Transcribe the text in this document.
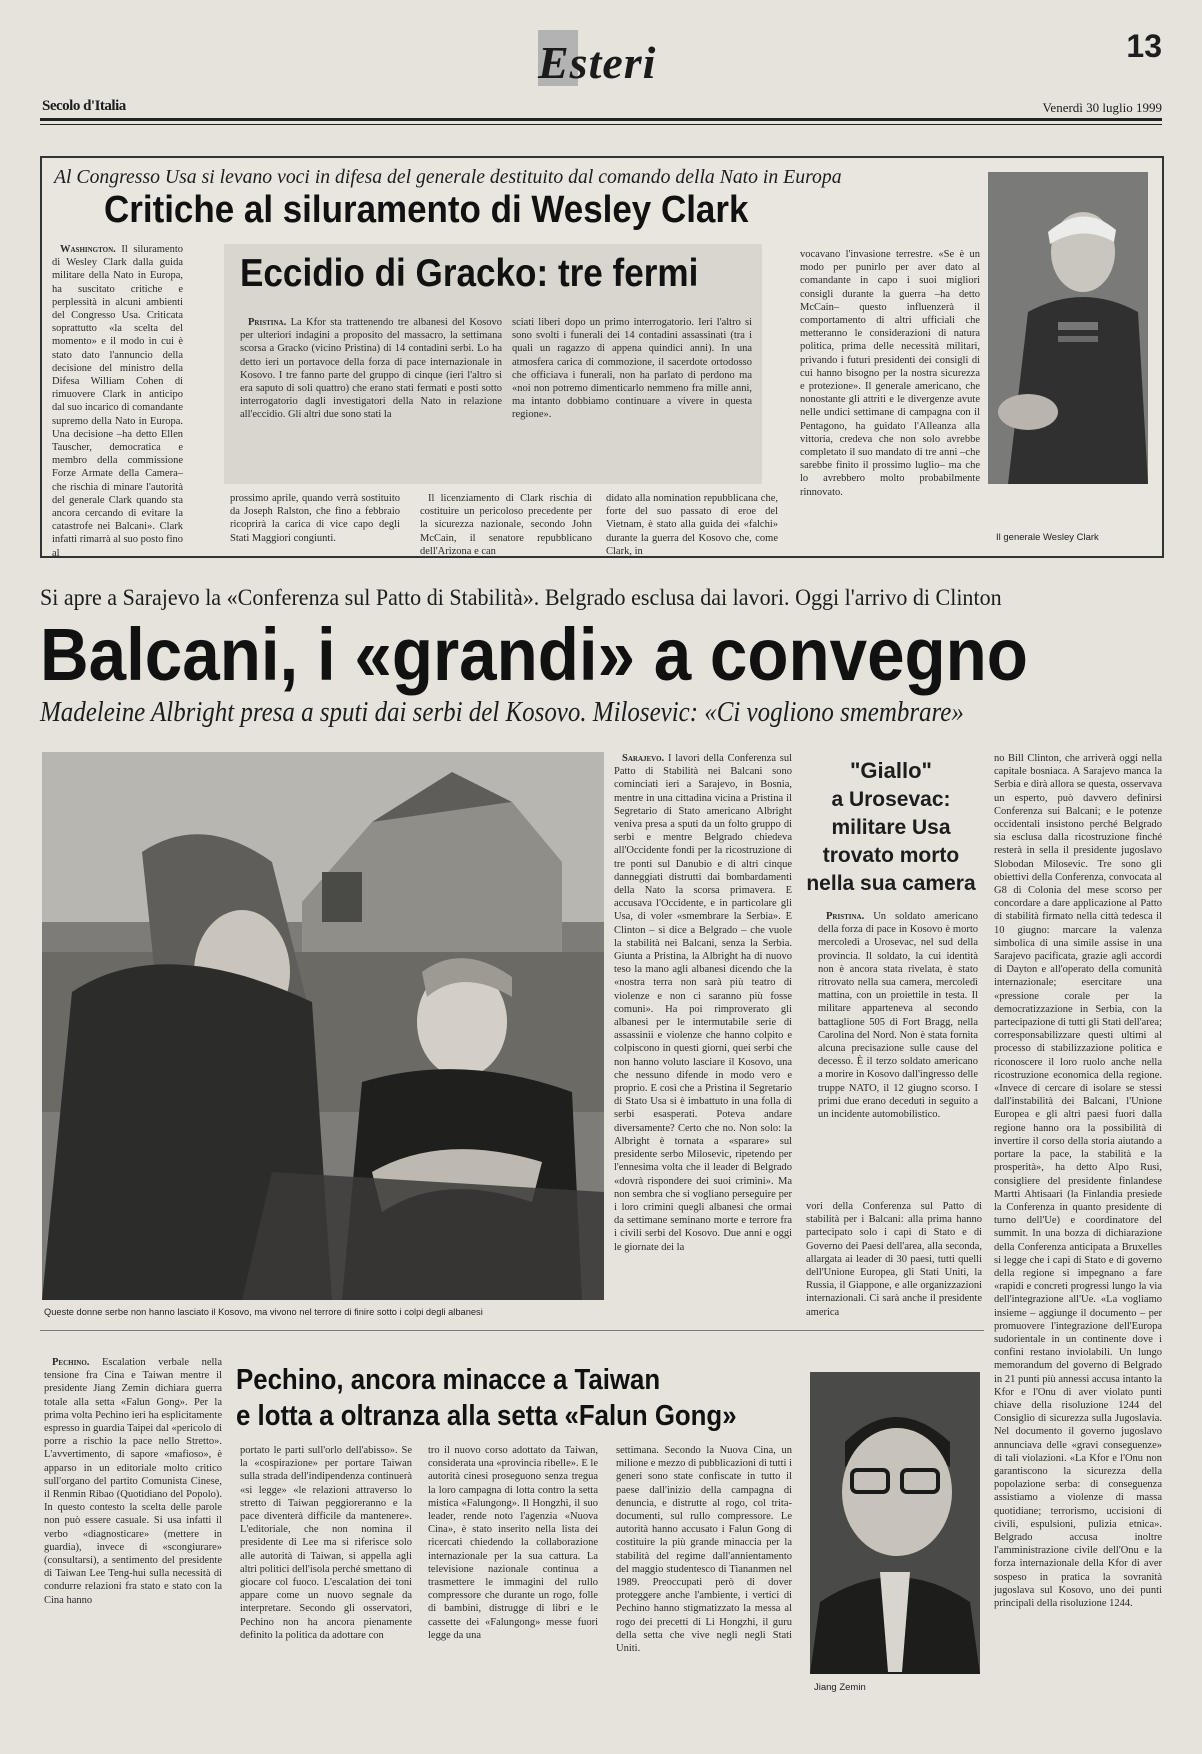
Esteri	13
Secolo d'Italia	Venerdì 30 luglio 1999
Al Congresso Usa si levano voci in difesa del generale destituito dal comando della Nato in Europa
Critiche al siluramento di Wesley Clark

Washington. Il siluramento di Wesley Clark dalla guida militare della Nato in Europa, ha suscitato critiche e perplessità in alcuni ambienti del Congresso Usa. Criticata soprattutto «la scelta del momento» e il modo in cui è stato dato l'annuncio della decisione del ministro della Difesa William Cohen di rimuovere Clark in anticipo dal suo incarico di comandante supremo della Nato in Europa. Una decisione –ha detto Ellen Tauscher, democratica e membro della commissione Forze Armate della Camera– che rischia di minare l'autorità del generale Clark quando sta ancora cercando di evitare la catastrofe nei Balcani». Clark infatti rimarrà al suo posto fino al

Eccidio di Gracko: tre fermi

Pristina. La Kfor sta trattenendo tre albanesi del Kosovo per ulteriori indagini a proposito del massacro, la settimana scorsa a Gracko (vicino Pristina) di 14 contadini serbi. Lo ha detto ieri un portavoce della forza di pace internazionale in Kosovo. I tre fanno parte del gruppo di cinque (ieri l'altro si era saputo di soli quattro) che erano stati fermati e posti sotto interrogatorio dagli investigatori della Nato in relazione all'eccidio. Gli altri due sono stati la

sciati liberi dopo un primo interrogatorio. Ieri l'altro si sono svolti i funerali dei 14 contadini assassinati (tra i quali un ragazzo di appena quindici anni). In una atmosfera carica di commozione, il sacerdote ortodosso che officiava i funerali, non ha parlato di perdono ma «noi non potremo dimenticarlo nemmeno fra mille anni, ma intanto dobbiamo continuare a vivere in questa regione».

prossimo aprile, quando verrà sostituito da Joseph Ralston, che fino a febbraio ricoprirà la carica di vice capo degli Stati Maggiori congiunti.

Il licenziamento di Clark rischia di costituire un pericoloso precedente per la sicurezza nazionale, secondo John McCain, il senatore repubblicano dell'Arizona e can

didato alla nomination repubblicana che, forte del suo passato di eroe del Vietnam, è stato alla guida dei «falchi» durante la guerra del Kosovo che, come Clark, in

vocavano l'invasione terrestre. «Se è un modo per punirlo per aver dato al comandante in capo i suoi migliori consigli durante la guerra –ha detto McCain– questo influenzerà il comportamento di altri ufficiali che metteranno le considerazioni di natura politica, prima delle necessità militari, privando i futuri presidenti dei consigli di cui hanno bisogno per la nostra sicurezza e protezione». Il generale americano, che nonostante gli attriti e le divergenze avute nelle undici settimane di campagna con il Pentagono, ha guidato l'Alleanza alla vittoria, credeva che non solo avrebbe completato il suo mandato di tre anni –che sarebbe finito il prossimo luglio– ma che lo avrebbero molto probabilmente rinnovato.

Il generale Wesley Clark
Si apre a Sarajevo la «Conferenza sul Patto di Stabilità». Belgrado esclusa dai lavori. Oggi l'arrivo di Clinton
Balcani, i «grandi» a convegno
Madeleine Albright presa a sputi dai serbi del Kosovo. Milosevic: «Ci vogliono smembrare»
Queste donne serbe non hanno lasciato il Kosovo, ma vivono nel terrore di finire sotto i colpi degli albanesi

Sarajevo. I lavori della Conferenza sul Patto di Stabilità nei Balcani sono cominciati ieri a Sarajevo, in Bosnia, mentre in una cittadina vicina a Pristina il Segretario di Stato americano Albright veniva presa a sputi da un folto gruppo di serbi e mentre Belgrado chiedeva all'Occidente fondi per la ricostruzione di tre ponti sul Danubio e di altri cinque danneggiati distrutti dai bombardamenti della Nato la scorsa primavera. E accusava l'Occidente, e in particolare gli Usa, di voler «smembrare la Serbia». E Clinton – si dice a Belgrado – che vuole la stabilità nei Balcani, senza la Serbia. Giunta a Pristina, la Albright ha di nuovo teso la mano agli albanesi dicendo che la «nostra terra non sarà più teatro di violenze e non ci saranno più fosse comuni». Ha poi rimproverato gli albanesi per le intermutabile serie di assassinii e violenze che hanno colpito e colpiscono in questi giorni, quei serbi che non hanno voluto lasciare il Kosovo, una che nessuno difende in modo vero e proprio. E così che a Pristina il Segretario di Stato Usa si è imbattuto in una folla di serbi esasperati. Poteva andare diversamente? Certo che no. Non solo: la Albright è tornata a «sparare» sul presidente serbo Milosevic, ripetendo per l'ennesima volta che il leader di Belgrado «dovrà rispondere dei suoi crimini». Ma non sembra che si vogliano perseguire per i loro crimini quegli albanesi che ormai da settimane seminano morte e terrore fra i civili serbi del Kosovo. Due anni e oggi le giornate dei la

"Giallo"
a Urosevac:
militare Usa
trovato morto
nella sua camera

Pristina. Un soldato americano della forza di pace in Kosovo è morto mercoledì a Urosevac, nel sud della provincia. Il soldato, la cui identità non è ancora stata rivelata, è stato ritrovato nella sua camera, mercoledì mattina, con un proiettile in testa. Il militare apparteneva al secondo battaglione 505 di Fort Bragg, nella Carolina del Nord. Non è stata fornita alcuna precisazione sulle cause del decesso. È il terzo soldato americano a morire in Kosovo dall'ingresso delle truppe NATO, il 12 giugno scorso. I primi due erano deceduti in seguito a un incidente automobilistico.

vori della Conferenza sul Patto di stabilità per i Balcani: alla prima hanno partecipato solo i capi di Stato e di Governo dei Paesi dell'area, alla seconda, allargata ai leader di 30 paesi, tutti quelli dell'Unione Europea, gli Stati Uniti, la Russia, il Giappone, e alle organizzazioni internazionali. Ci sarà anche il presidente america

no Bill Clinton, che arriverà oggi nella capitale bosniaca. A Sarajevo manca la Serbia e dirà allora se questa, osservava un esperto, può davvero definirsi Conferenza sui Balcani; e le potenze occidentali insistono perché Belgrado sia esclusa dalla ricostruzione finché resterà in sella il presidente jugoslavo Slobodan Milosevic. Tre sono gli obiettivi della Conferenza, convocata al G8 di Colonia del mese scorso per concordare a dare applicazione al Patto di stabilità firmato nella città tedesca il 10 giugno: marcare la valenza simbolica di una simile assise in una Sarajevo pacificata, grazie agli accordi di Dayton e all'operato della comunità internazionale; esercitare una «pressione corale per la democratizzazione in Serbia, con la partecipazione di tutti gli Stati dell'area; corresponsabilizzare questi ultimi al processo di stabilizzazione politica e riconoscere il loro ruolo anche nella ricostruzione economica della regione. «Invece di cercare di isolare se stessi dall'instabilità dei Balcani, l'Unione Europea e gli altri paesi fuori dalla regione hanno ora la possibilità di invertire il corso della storia aiutando a portare la pace, la stabilità e la prosperità», ha detto Alpo Rusi, consigliere del presidente finlandese Martti Ahtisaari (la Finlandia presiede la Conferenza in quanto presidente di turno dell'Ue) e coordinatore del summit. In una bozza di dichiarazione della Conferenza anticipata a Bruxelles si legge che i capi di Stato e di governo della regione si impegnano a fare «rapidi e concreti progressi lungo la via dell'integrazione all'Ue. «La vogliamo insieme – aggiunge il documento – per promuovere l'integrazione dell'Europa sudorientale in un continente dove i confini restano inviolabili. Un lungo memorandum del governo di Belgrado in 21 punti più annessi accusa intanto la Kfor e l'Onu di aver violato punti chiave della risoluzione 1244 del Consiglio di sicurezza sulla Jugoslavia. Nel documento il governo jugoslavo annunciava delle «gravi conseguenze» di tali violazioni. «La Kfor e l'Onu non garantiscono la sicurezza della popolazione serba: di conseguenza assistiamo a violenze di massa quotidiane; terrorismo, uccisioni di civili, espulsioni, pulizia etnica». Belgrado accusa inoltre l'amministrazione civile dell'Onu e la forza internazionale della Kfor di aver sospeso in pratica la sovranità jugoslava sul Kosovo, uno dei punti principali della risoluzione 1244.

Pechino. Escalation verbale nella tensione fra Cina e Taiwan mentre il presidente Jiang Zemin dichiara guerra totale alla setta «Falun Gong». Per la prima volta Pechino ieri ha esplicitamente espresso in guardia Taipei dal «pericolo di porre a rischio la pace nello Stretto». L'avvertimento, di sapore «mafioso», è apparso in un editoriale molto critico sull'organo del partito Comunista Cinese, il Renmin Ribao (Quotidiano del Popolo). In questo contesto la scelta delle parole non può essere casuale. Si usa infatti il verbo «diagnosticare» (mettere in guardia), invece di «scongiurare» (consultarsi), a sentimento del presidente di Taiwan Lee Teng-hui sulla necessità di condurre relazioni fra stato e stato con la Cina hanno

Pechino, ancora minacce a Taiwan
e lotta a oltranza alla setta «Falun Gong»

portato le parti sull'orlo dell'abisso». Se la «cospirazione» per portare Taiwan sulla strada dell'indipendenza continuerà «si legge» «le relazioni attraverso lo stretto di Taiwan peggioreranno e la pace diventerà difficile da mantenere». L'editoriale, che non nomina il presidente di Lee ma si riferisce solo alle autorità di Taiwan, si appella agli altri politici dell'isola perché smettano di giocare col fuoco. L'escalation dei toni appare come un nuovo segnale da interpretare. Secondo gli osservatori, Pechino non ha ancora pienamente definito la politica da adottare con

tro il nuovo corso adottato da Taiwan, considerata una «provincia ribelle». E le autorità cinesi proseguono senza tregua la loro campagna di lotta contro la setta mistica «Falungong». Il Hongzhi, il suo leader, rende noto l'agenzia «Nuova Cina», è stato inserito nella lista dei ricercati chiedendo la collaborazione internazionale per la sua cattura. La televisione nazionale continua a trasmettere le immagini del rullo compressore che durante un rogo, folle di bambini, distrugge di libri e le cassette dei «Falungong» messe fuori legge da una

settimana. Secondo la Nuova Cina, un milione e mezzo di pubblicazioni di tutti i generi sono state confiscate in tutto il paese dall'inizio della campagna di denuncia, e distrutte al rogo, col trita-documenti, sul rullo compressore. Le autorità hanno accusato i Falun Gong di costituire la più grande minaccia per la stabilità del regime dall'annientamento del maggio studentesco di Tiananmen nel 1989. Preoccupati però di dover proteggere anche l'ambiente, i vertici di Pechino hanno stigmatizzato la messa al rogo dei precetti di Li Hongzhi, il guru della setta che vive negli negli Stati Uniti.

Jiang Zemin
